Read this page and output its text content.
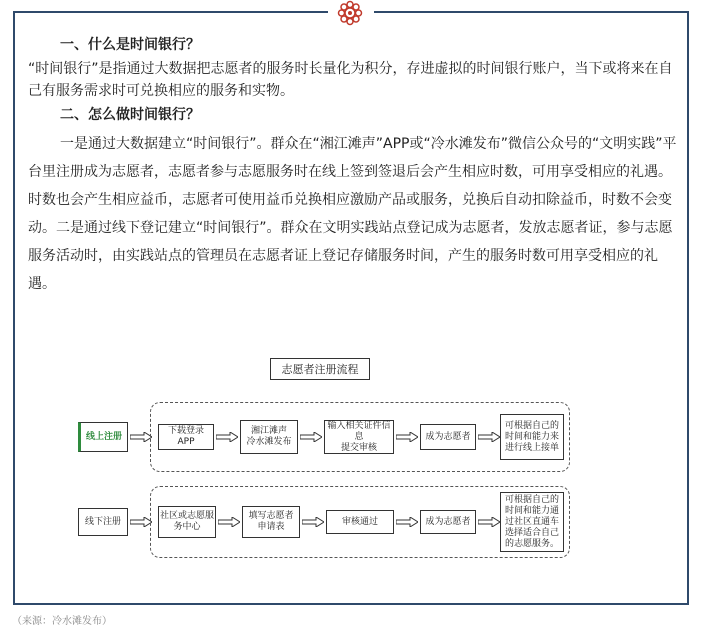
一、什么是时间银行？
“时间银行”是指通过大数据把志愿者的服务时长量化为积分，存进虚拟的时间银行账户，当下或将来在自己有服务需求时可兑换相应的服务和实物。
二、怎么做时间银行？
一是通过大数据建立“时间银行”。群众在“湘江滩声”APP或“冷水滩发布”微信公众号的“文明实践”平台里注册成为志愿者，志愿者参与志愿服务时在线上签到签退后会产生相应时数，可用享受相应的礼遇。时数也会产生相应益币，志愿者可使用益币兑换相应激励产品或服务，兑换后自动扣除益币，时数不会变动。二是通过线下登记建立“时间银行”。群众在文明实践站点登记成为志愿者，发放志愿者证，参与志愿服务活动时，由实践站点的管理员在志愿者证上登记存储服务时间，产生的服务时数可用享受相应的礼遇。
志愿者注册流程
线上注册
下载登录APP
湘江滩声
冷水滩发布
输入相关证件信息
提交审核
成为志愿者
可根据自己的
时间和能力来
进行线上接单
线下注册
社区或志愿服
务中心
填写志愿者
申请表
审核通过	成为志愿者
可根据自己的
时间和能力通
过社区直通车
选择适合自己
的志愿服务。
（来源：冷水滩发布）
